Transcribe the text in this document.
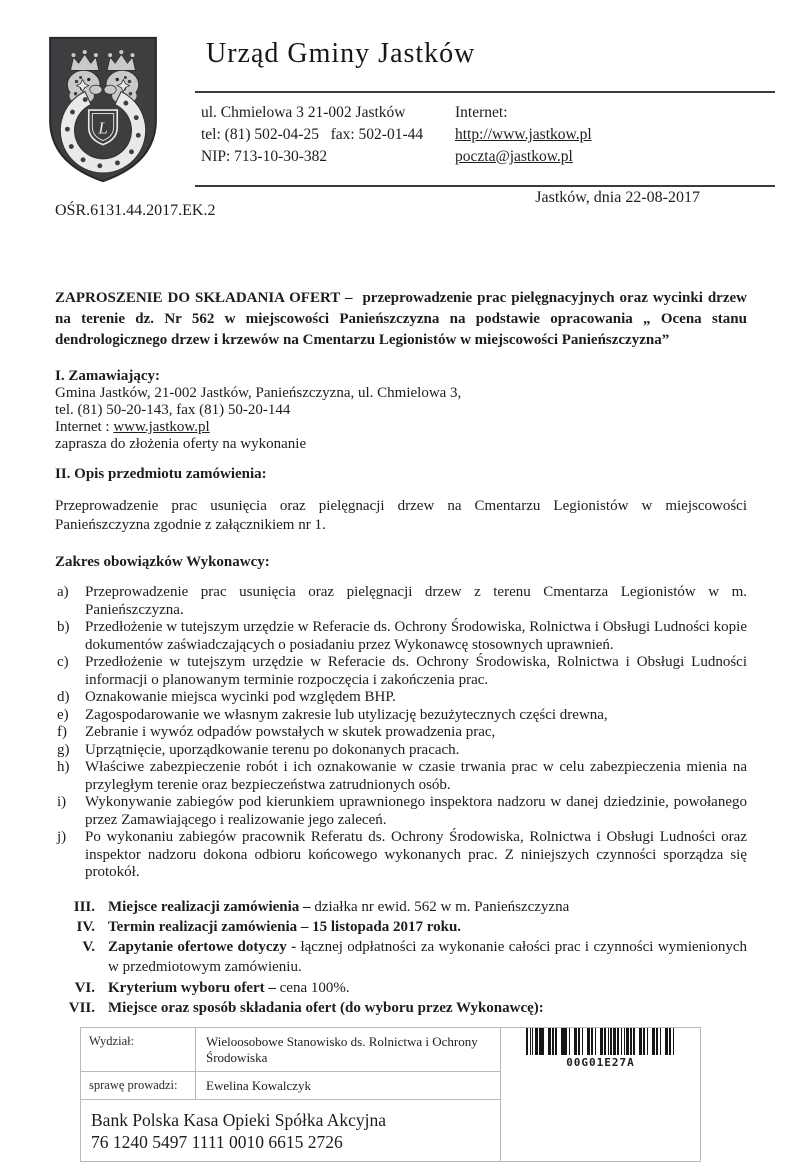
L
Urząd Gminy Jastków
ul. Chmielowa 3 21-002 Jastków
tel: (81) 502-04-25   fax: 502-01-44
NIP: 713-10-30-382
Internet:
http://www.jastkow.pl
poczta@jastkow.pl
Jastków, dnia 22-08-2017
OŚR.6131.44.2017.EK.2

ZAPROSZENIE DO SKŁADANIA OFERT –  przeprowadzenie prac pielęgnacyjnych oraz wycinki drzew na terenie dz. Nr 562 w miejscowości Panieńszczyzna na podstawie opracowania „ Ocena stanu dendrologicznego drzew i krzewów na Cmentarzu Legionistów w miejscowości Panieńszczyzna”

I. Zamawiający:
Gmina Jastków, 21-002 Jastków, Panieńszczyzna, ul. Chmielowa 3,
tel. (81) 50-20-143, fax (81) 50-20-144
Internet : www.jastkow.pl
zaprasza do złożenia oferty na wykonanie
II. Opis przedmiotu zamówienia:

Przeprowadzenie prac usunięcia oraz pielęgnacji drzew na Cmentarzu Legionistów w miejscowości Panieńszczyzna zgodnie z załącznikiem nr 1.

Zakres obowiązków Wykonawcy:
a)	Przeprowadzenie prac usunięcia oraz pielęgnacji drzew z terenu Cmentarza Legionistów w m. Panieńszczyzna.
b)	Przedłożenie w tutejszym urzędzie w Referacie ds. Ochrony Środowiska, Rolnictwa i Obsługi Ludności kopie dokumentów zaświadczających o posiadaniu przez Wykonawcę stosownych uprawnień.
c)	Przedłożenie w tutejszym urzędzie w Referacie ds. Ochrony Środowiska, Rolnictwa i Obsługi Ludności informacji o planowanym terminie rozpoczęcia i zakończenia prac.
d)	Oznakowanie miejsca wycinki pod względem BHP.
e)	Zagospodarowanie we własnym zakresie lub utylizację bezużytecznych części drewna,
f)	Zebranie i wywóz odpadów powstałych w skutek prowadzenia prac,
g)	Uprzątnięcie, uporządkowanie terenu po dokonanych pracach.
h)	Właściwe zabezpieczenie robót i ich oznakowanie w czasie trwania prac w celu zabezpieczenia mienia na przyległym terenie oraz bezpieczeństwa zatrudnionych osób.
i)	Wykonywanie zabiegów pod kierunkiem uprawnionego inspektora nadzoru w danej dziedzinie, powołanego przez Zamawiającego i realizowanie jego zaleceń.
j)	Po wykonaniu zabiegów pracownik Referatu ds. Ochrony Środowiska, Rolnictwa i Obsługi Ludności oraz inspektor nadzoru dokona odbioru końcowego wykonanych prac. Z niniejszych czynności sporządza się protokół.
III. Miejsce realizacji zamówienia – działka nr ewid. 562 w m. Panieńszczyzna
IV. Termin realizacji zamówienia – 15 listopada 2017 roku.
V. Zapytanie ofertowe dotyczy - łącznej odpłatności za wykonanie całości prac i czynności wymienionych w przedmiotowym zamówieniu.
VI. Kryterium wyboru ofert – cena 100%.
VII. Miejsce oraz sposób składania ofert (do wyboru przez Wykonawcę):
Wydział:	Wieloosobowe Stanowisko ds. Rolnictwa i Ochrony Środowiska	00G01E27A

sprawę prowadzi:	Ewelina Kowalczyk	

Bank Polska Kasa Opieki Spółka Akcyjna
76 1240 5497 1111 0010 6615 2726		
